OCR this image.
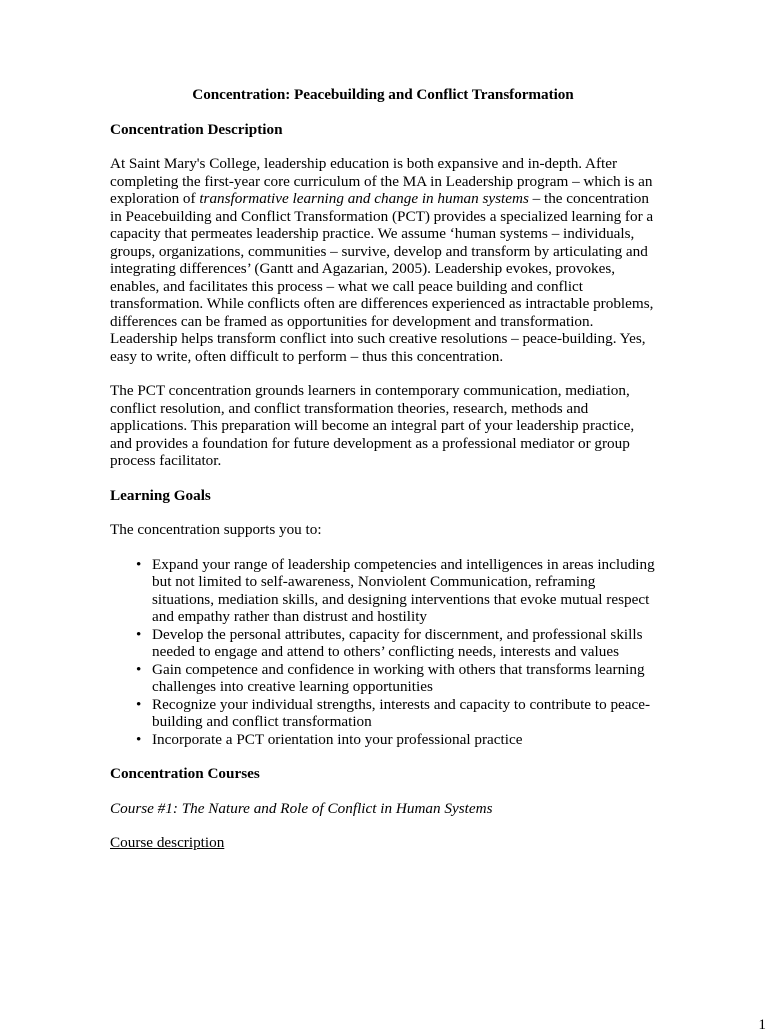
Concentration: Peacebuilding and Conflict Transformation
Concentration Description

At Saint Mary's College, leadership education is both expansive and in-depth. After completing the first-year core curriculum of the MA in Leadership program – which is an exploration of transformative learning and change in human systems – the concentration in Peacebuilding and Conflict Transformation (PCT) provides a specialized learning for a capacity that permeates leadership practice. We assume ‘human systems – individuals, groups, organizations, communities – survive, develop and transform by articulating and integrating differences’ (Gantt and Agazarian, 2005). Leadership evokes, provokes, enables, and facilitates this process – what we call peace building and conflict transformation. While conflicts often are differences experienced as intractable problems, differences can be framed as opportunities for development and transformation. Leadership helps transform conflict into such creative resolutions – peace-building. Yes, easy to write, often difficult to perform – thus this concentration.

The PCT concentration grounds learners in contemporary communication, mediation, conflict resolution, and conflict transformation theories, research, methods and applications. This preparation will become an integral part of your leadership practice, and provides a foundation for future development as a professional mediator or group process facilitator.

Learning Goals

The concentration supports you to:

• Expand your range of leadership competencies and intelligences in areas including but not limited to self-awareness, Nonviolent Communication, reframing situations, mediation skills, and designing interventions that evoke mutual respect and empathy rather than distrust and hostility
• Develop the personal attributes, capacity for discernment, and professional skills needed to engage and attend to others’ conflicting needs, interests and values
• Gain competence and confidence in working with others that transforms learning challenges into creative learning opportunities
• Recognize your individual strengths, interests and capacity to contribute to peace-building and conflict transformation
• Incorporate a PCT orientation into your professional practice
Concentration Courses

Course #1: The Nature and Role of Conflict in Human Systems

Course description

1
